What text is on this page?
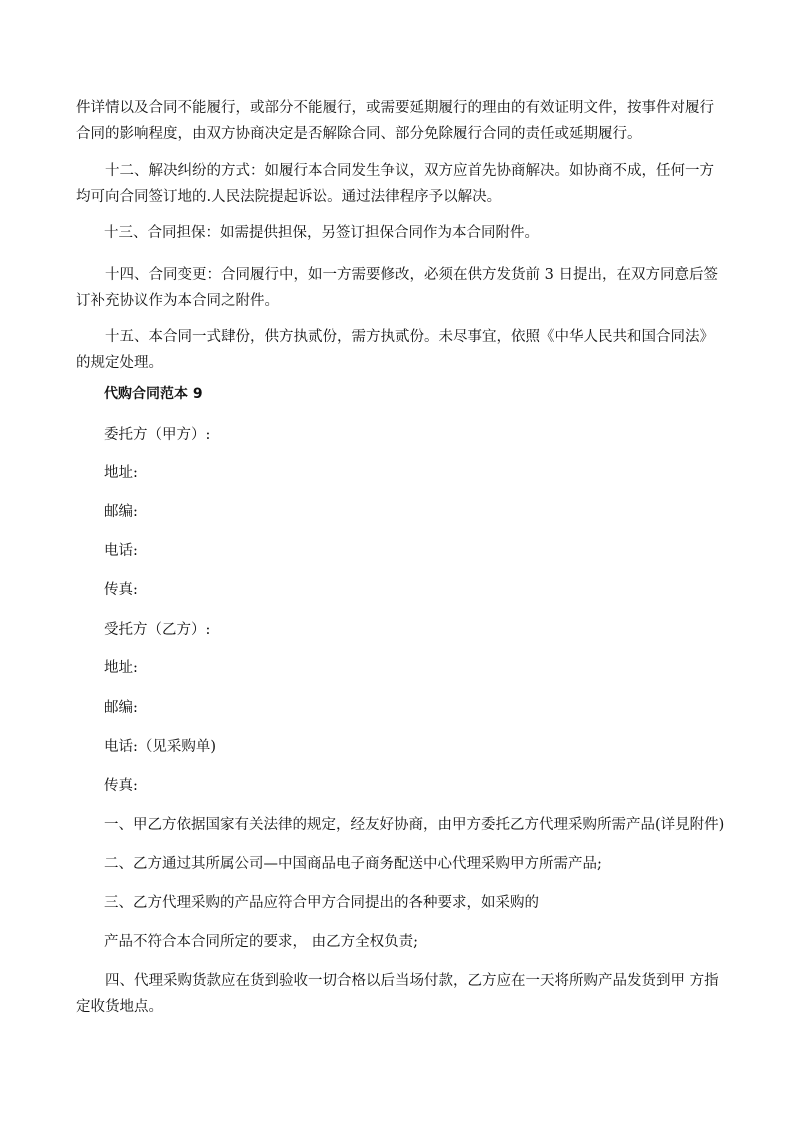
件详情以及合同不能履行，或部分不能履行，或需要延期履行的理由的有效证明文件，按事件对履行合同的影响程度，由双方协商决定是否解除合同、部分免除履行合同的责任或延期履行。

十二、解决纠纷的方式：如履行本合同发生争议，双方应首先协商解决。如协商不成，任何一方均可向合同签订地的.人民法院提起诉讼。通过法律程序予以解决。

十三、合同担保：如需提供担保，另签订担保合同作为本合同附件。

十四、合同变更：合同履行中，如一方需要修改，必须在供方发货前 3 日提出，在双方同意后签订补充协议作为本合同之附件。

十五、本合同一式肆份，供方执贰份，需方执贰份。未尽事宜，依照《中华人民共和国合同法》的规定处理。

代购合同范本 9

委托方（甲方）:

地址:

邮编:

电话:

传真:

受托方（乙方）:

地址:

邮编:

电话:（见采购单)

传真:

一、甲乙方依据国家有关法律的规定，经友好协商，由甲方委托乙方代理采购所需产品(详見附件)

二、乙方通过其所属公司—中国商品电子商务配送中心代理采购甲方所需产品;

三、乙方代理采购的产品应符合甲方合同提出的各种要求，如采购的

产品不符合本合同所定的要求， 由乙方全权负责;

四、代理采购货款应在货到验收一切合格以后当场付款，乙方应在一天将所购产品发货到甲 方指定收货地点。
